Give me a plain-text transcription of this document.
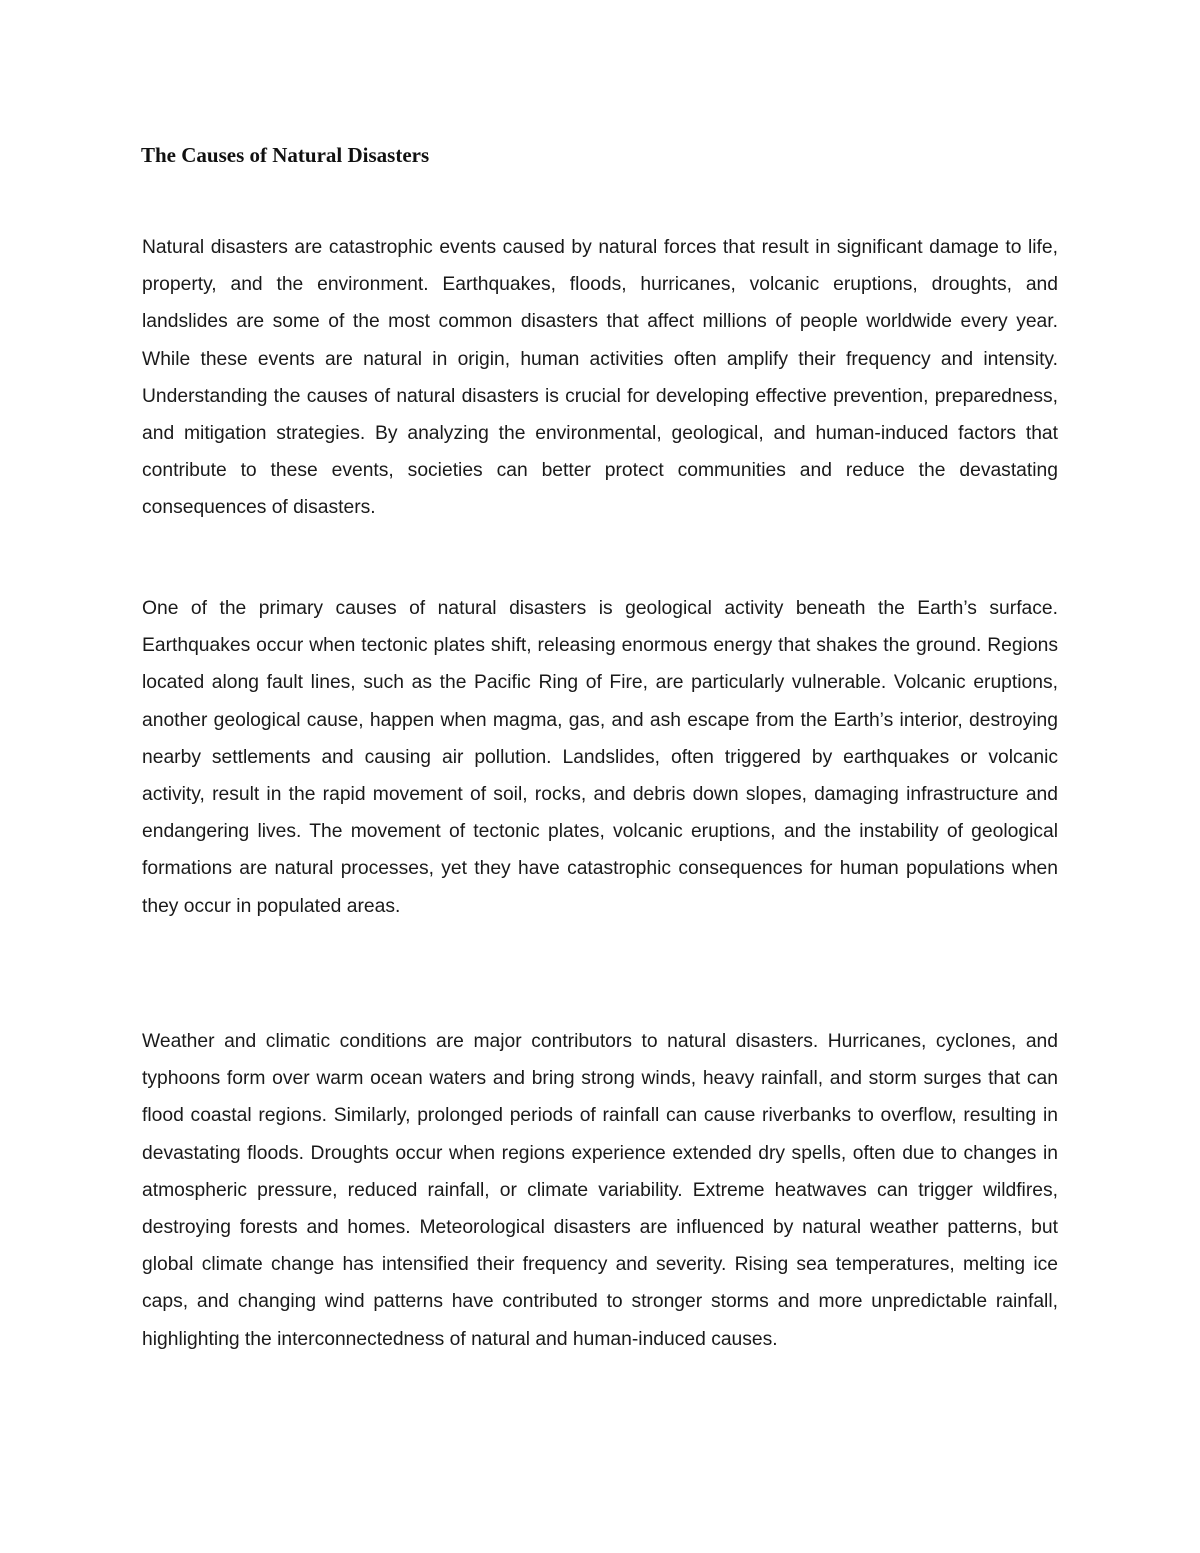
The Causes of Natural Disasters

Natural disasters are catastrophic events caused by natural forces that result in significant damage to life, property, and the environment. Earthquakes, floods, hurricanes, volcanic eruptions, droughts, and landslides are some of the most common disasters that affect millions of people worldwide every year. While these events are natural in origin, human activities often amplify their frequency and intensity. Understanding the causes of natural disasters is crucial for developing effective prevention, preparedness, and mitigation strategies. By analyzing the environmental, geological, and human-induced factors that contribute to these events, societies can better protect communities and reduce the devastating consequences of disasters.

One of the primary causes of natural disasters is geological activity beneath the Earth’s surface. Earthquakes occur when tectonic plates shift, releasing enormous energy that shakes the ground. Regions located along fault lines, such as the Pacific Ring of Fire, are particularly vulnerable. Volcanic eruptions, another geological cause, happen when magma, gas, and ash escape from the Earth’s interior, destroying nearby settlements and causing air pollution. Landslides, often triggered by earthquakes or volcanic activity, result in the rapid movement of soil, rocks, and debris down slopes, damaging infrastructure and endangering lives. The movement of tectonic plates, volcanic eruptions, and the instability of geological formations are natural processes, yet they have catastrophic consequences for human populations when they occur in populated areas.

Weather and climatic conditions are major contributors to natural disasters. Hurricanes, cyclones, and typhoons form over warm ocean waters and bring strong winds, heavy rainfall, and storm surges that can flood coastal regions. Similarly, prolonged periods of rainfall can cause riverbanks to overflow, resulting in devastating floods. Droughts occur when regions experience extended dry spells, often due to changes in atmospheric pressure, reduced rainfall, or climate variability. Extreme heatwaves can trigger wildfires, destroying forests and homes. Meteorological disasters are influenced by natural weather patterns, but global climate change has intensified their frequency and severity. Rising sea temperatures, melting ice caps, and changing wind patterns have contributed to stronger storms and more unpredictable rainfall, highlighting the interconnectedness of natural and human-induced causes.
